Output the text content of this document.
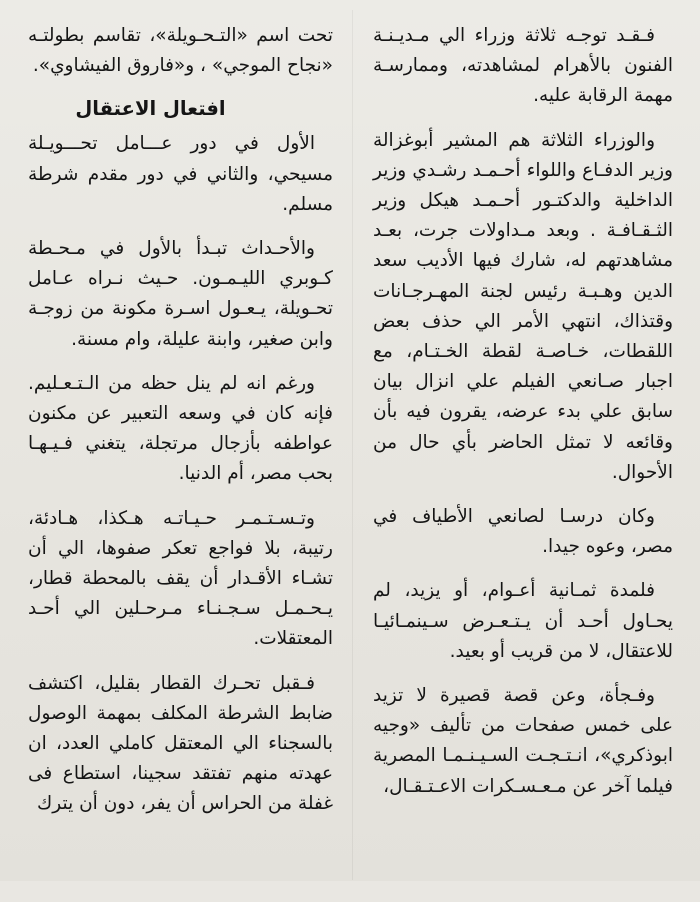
فـقـد توجـه ثلاثة وزراء الي مـديـنـة الفنون بالأهرام لمشاهدته، وممارسـة مهمة الرقابة عليه.

والوزراء الثلاثة هم المشير أبوغزالة وزير الدفـاع واللواء أحـمـد رشـدي وزير الداخلية والدكتـور أحـمـد هيكل وزير الثـقـافـة . وبعد مـداولات جرت، بعـد مشاهدتهم له، شارك فيها الأديب سعد الدين وهـبـة رئيس لجنة المهـرجـانات وقتذاك، انتهي الأمر الي حذف بعض اللقطات، خـاصـة لقطة الخـتـام، مع اجبار صـانعي الفيلم علي انزال بيان سابق علي بدء عرضه، يقرون فيه بأن وقائعه لا تمثل الحاضر بأي حال من الأحوال.

وكان درسـا لصانعي الأطياف في مصر، وعوه جيدا.

فلمدة ثمـانية أعـوام، أو يزيد، لم يحـاول أحـد أن يـتـعـرض سـينمـائيـا للاعتقال، لا من قريب أو بعيد.

وفـجأة، وعن قصة قصيرة لا تزيد على خمس صفحات من تأليف «وجيه ابوذكري»، انـتـجـت السـيـنـمـا المصرية فيلما آخر عن مـعـسـكرات الاعـتـقـال،

تحت اسم «التـحـويلة»، تقاسم بطولتـه «نجاح الموجي» ، و«فاروق الفيشاوي».

افتعال الاعتقال

الأول في دور عـــامل تحـــويـلة مسيحي، والثاني في دور مقدم شرطة مسلم.

والأحـداث تبـدأ بالأول في مـحـطة كـوبري الليـمـون. حـيث نـراه عـامل تحـويلة، يـعـول اسـرة مكونة من زوجـة وابن صغير، وابنة عليلة، وام مسنة.

ورغم انه لم ينل حظه من الـتـعـليم. فإنه كان في وسعه التعبير عن مكنون عواطفه بأزجال مرتجلة، يتغني فـيـهـا بحب مصر، أم الدنيا.

وتـسـتـمـر حـيـاتـه هـكذا، هـادئة، رتيبة، بلا فواجع تعكر صفوها، الي أن تشـاء الأقـدار أن يقف بالمحطة قطار، يـحـمـل سـجـنـاء مـرحـلين الي أحـد المعتقلات.

فـقبل تحـرك القطار بقليل، اكتشف ضابط الشرطة المكلف بمهمة الوصول بالسجناء الي المعتقل كاملي العدد، ان عهدته منهم تفتقد سجينا، استطاع فى غفلة من الحراس أن يفر، دون أن يترك
